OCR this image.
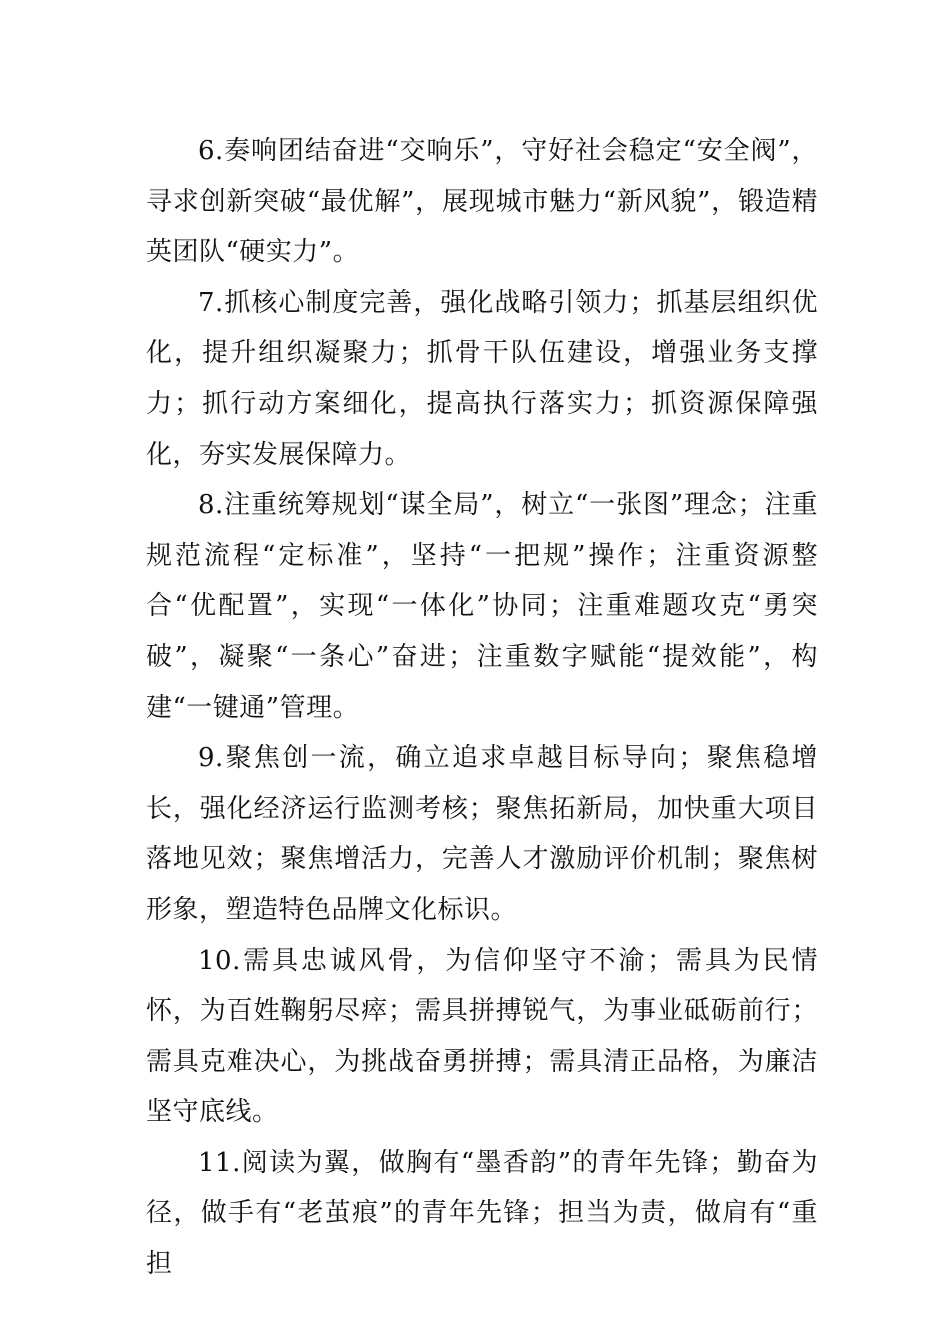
6.奏响团结奋进“交响乐”，守好社会稳定“安全阀”，寻求创新突破“最优解”，展现城市魅力“新风貌”，锻造精英团队“硬实力”。

7.抓核心制度完善，强化战略引领力；抓基层组织优化，提升组织凝聚力；抓骨干队伍建设，增强业务支撑力；抓行动方案细化，提高执行落实力；抓资源保障强化，夯实发展保障力。

8.注重统筹规划“谋全局”，树立“一张图”理念；注重规范流程“定标准”，坚持“一把规”操作；注重资源整合“优配置”，实现“一体化”协同；注重难题攻克“勇突破”，凝聚“一条心”奋进；注重数字赋能“提效能”，构建“一键通”管理。

9.聚焦创一流，确立追求卓越目标导向；聚焦稳增长，强化经济运行监测考核；聚焦拓新局，加快重大项目落地见效；聚焦增活力，完善人才激励评价机制；聚焦树形象，塑造特色品牌文化标识。

10.需具忠诚风骨，为信仰坚守不渝；需具为民情怀，为百姓鞠躬尽瘁；需具拼搏锐气，为事业砥砺前行；需具克难决心，为挑战奋勇拼搏；需具清正品格，为廉洁坚守底线。

11.阅读为翼，做胸有“墨香韵”的青年先锋；勤奋为径，做手有“老茧痕”的青年先锋；担当为责，做肩有“重担
